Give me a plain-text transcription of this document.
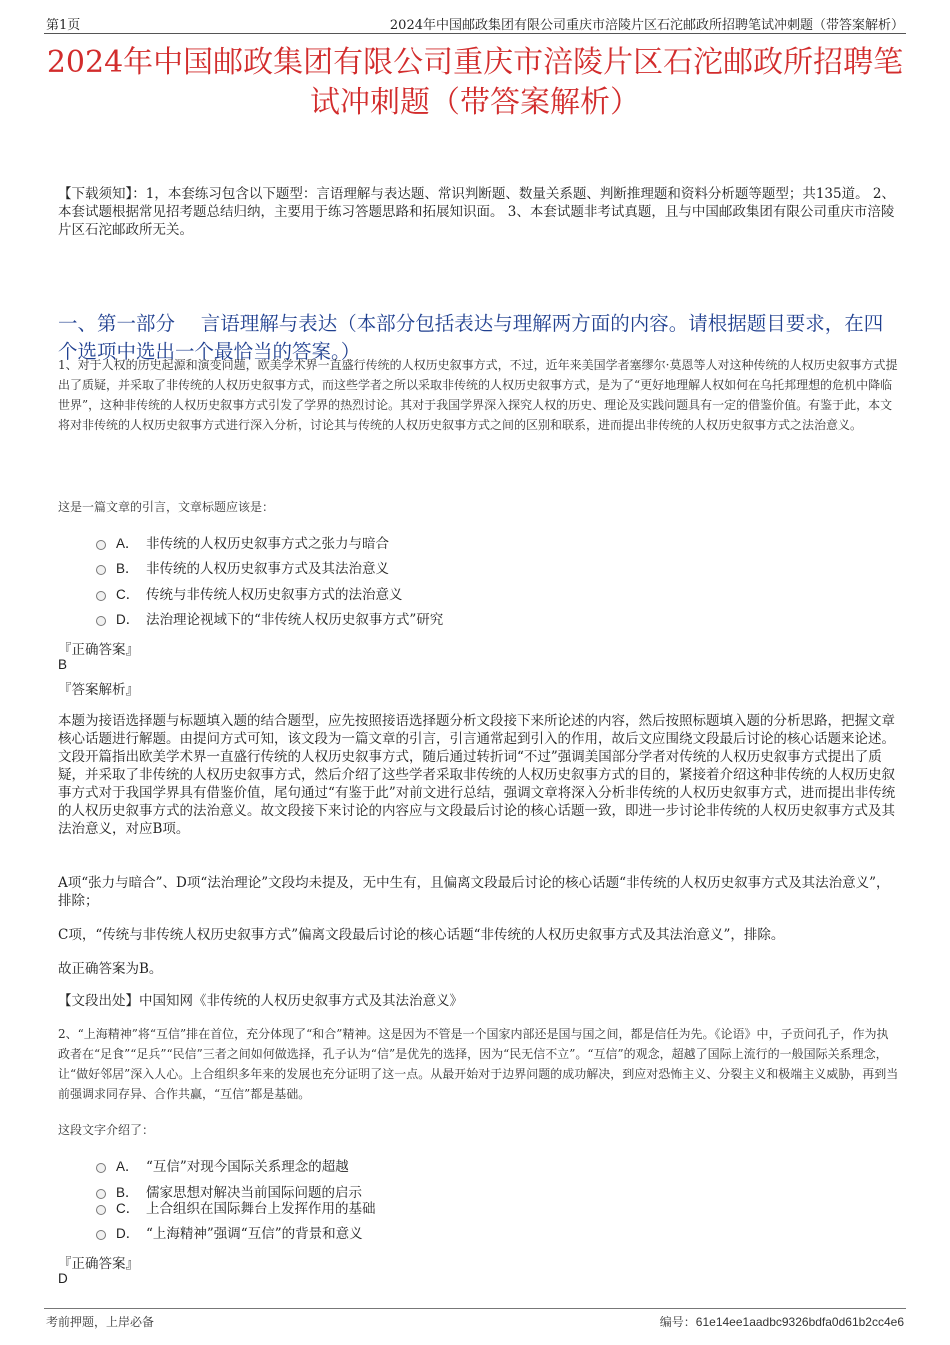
第1页	2024年中国邮政集团有限公司重庆市涪陵片区石沱邮政所招聘笔试冲刺题（带答案解析）
2024年中国邮政集团有限公司重庆市涪陵片区石沱邮政所招聘笔试冲刺题（带答案解析）
【下载须知】：1，本套练习包含以下题型：言语理解与表达题、常识判断题、数量关系题、判断推理题和资料分析题等题型；共135道。 2、本套试题根据常见招考题总结归纳，主要用于练习答题思路和拓展知识面。 3、本套试题非考试真题，且与中国邮政集团有限公司重庆市涪陵片区石沱邮政所无关。
一、第一部分　 言语理解与表达（本部分包括表达与理解两方面的内容。请根据题目要求，在四个选项中选出一个最恰当的答案。）
1、对于人权的历史起源和演变问题，欧美学术界一直盛行传统的人权历史叙事方式，不过，近年来美国学者塞缪尔·莫恩等人对这种传统的人权历史叙事方式提出了质疑，并采取了非传统的人权历史叙事方式，而这些学者之所以采取非传统的人权历史叙事方式，是为了“更好地理解人权如何在乌托邦理想的危机中降临世界”，这种非传统的人权历史叙事方式引发了学界的热烈讨论。其对于我国学界深入探究人权的历史、理论及实践问题具有一定的借鉴价值。有鉴于此，本文将对非传统的人权历史叙事方式进行深入分析，讨论其与传统的人权历史叙事方式之间的区别和联系，进而提出非传统的人权历史叙事方式之法治意义。
这是一篇文章的引言，文章标题应该是：
A． 非传统的人权历史叙事方式之张力与暗合
B． 非传统的人权历史叙事方式及其法治意义
C． 传统与非传统人权历史叙事方式的法治意义
D． 法治理论视域下的“非传统人权历史叙事方式”研究
『正确答案』
B
『答案解析』
本题为接语选择题与标题填入题的结合题型，应先按照接语选择题分析文段接下来所论述的内容，然后按照标题填入题的分析思路，把握文章核心话题进行解题。由提问方式可知，该文段为一篇文章的引言，引言通常起到引入的作用，故后文应围绕文段最后讨论的核心话题来论述。文段开篇指出欧美学术界一直盛行传统的人权历史叙事方式，随后通过转折词“不过”强调美国部分学者对传统的人权历史叙事方式提出了质疑，并采取了非传统的人权历史叙事方式，然后介绍了这些学者采取非传统的人权历史叙事方式的目的，紧接着介绍这种非传统的人权历史叙事方式对于我国学界具有借鉴价值，尾句通过“有鉴于此”对前文进行总结，强调文章将深入分析非传统的人权历史叙事方式，进而提出非传统的人权历史叙事方式的法治意义。故文段接下来讨论的内容应与文段最后讨论的核心话题一致，即进一步讨论非传统的人权历史叙事方式及其法治意义，对应B项。
A项“张力与暗合”、D项“法治理论”文段均未提及，无中生有，且偏离文段最后讨论的核心话题“非传统的人权历史叙事方式及其法治意义”，排除；
C项，“传统与非传统人权历史叙事方式”偏离文段最后讨论的核心话题“非传统的人权历史叙事方式及其法治意义”，排除。
故正确答案为B。
【文段出处】中国知网《非传统的人权历史叙事方式及其法治意义》
2、“上海精神”将“互信”排在首位，充分体现了“和合”精神。这是因为不管是一个国家内部还是国与国之间，都是信任为先。《论语》中，子贡问孔子，作为执政者在“足食”“足兵”“民信”三者之间如何做选择，孔子认为“信”是优先的选择，因为“民无信不立”。“互信”的观念，超越了国际上流行的一般国际关系理念，让“做好邻居”深入人心。上合组织多年来的发展也充分证明了这一点。从最开始对于边界问题的成功解决，到应对恐怖主义、分裂主义和极端主义威胁，再到当前强调求同存异、合作共赢，“互信”都是基础。
这段文字介绍了：
A． “互信”对现今国际关系理念的超越
B． 儒家思想对解决当前国际问题的启示
C． 上合组织在国际舞台上发挥作用的基础
D． “上海精神”强调“互信”的背景和意义
『正确答案』
D
考前押题，上岸必备	编号：61e14ee1aadbc9326bdfa0d61b2cc4e6
